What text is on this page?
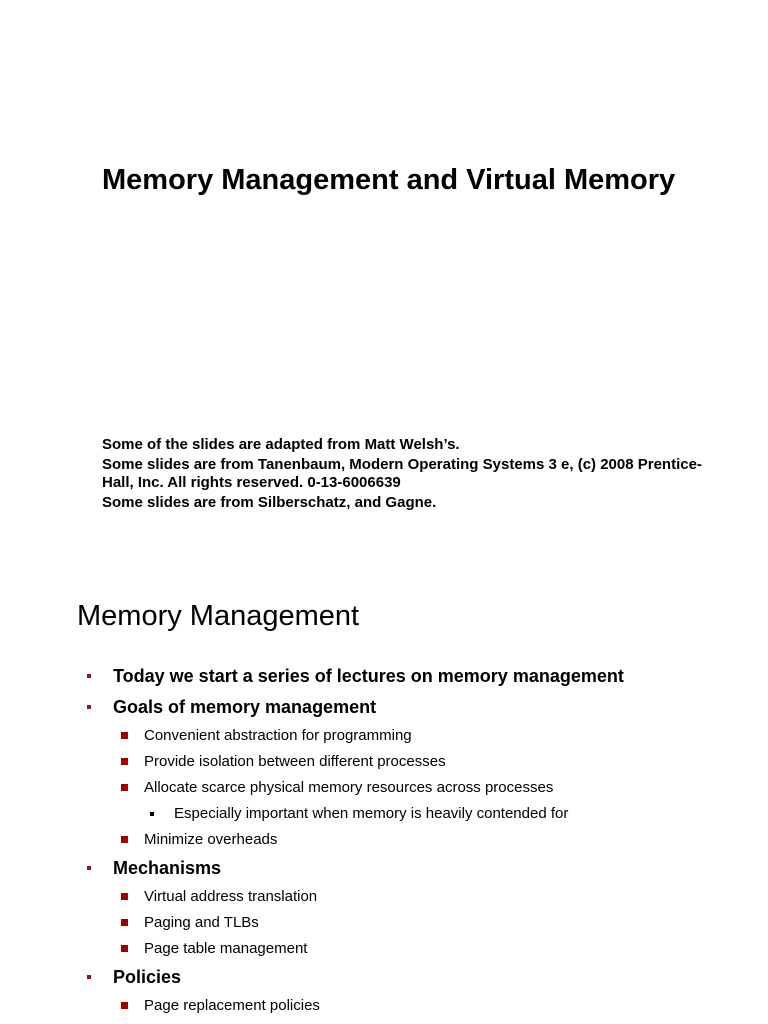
Memory Management and Virtual Memory

Some of the slides are adapted from Matt Welsh’s.

Some slides are from Tanenbaum, Modern Operating Systems 3 e, (c) 2008 Prentice-Hall, Inc. All rights reserved. 0-13-6006639

Some slides are from Silberschatz, and Gagne.

Memory Management
Today we start a series of lectures on memory management
Goals of memory management
Convenient abstraction for programming
Provide isolation between different processes
Allocate scarce physical memory resources across processes
Especially important when memory is heavily contended for
Minimize overheads
Mechanisms
Virtual address translation
Paging and TLBs
Page table management
Policies
Page replacement policies
